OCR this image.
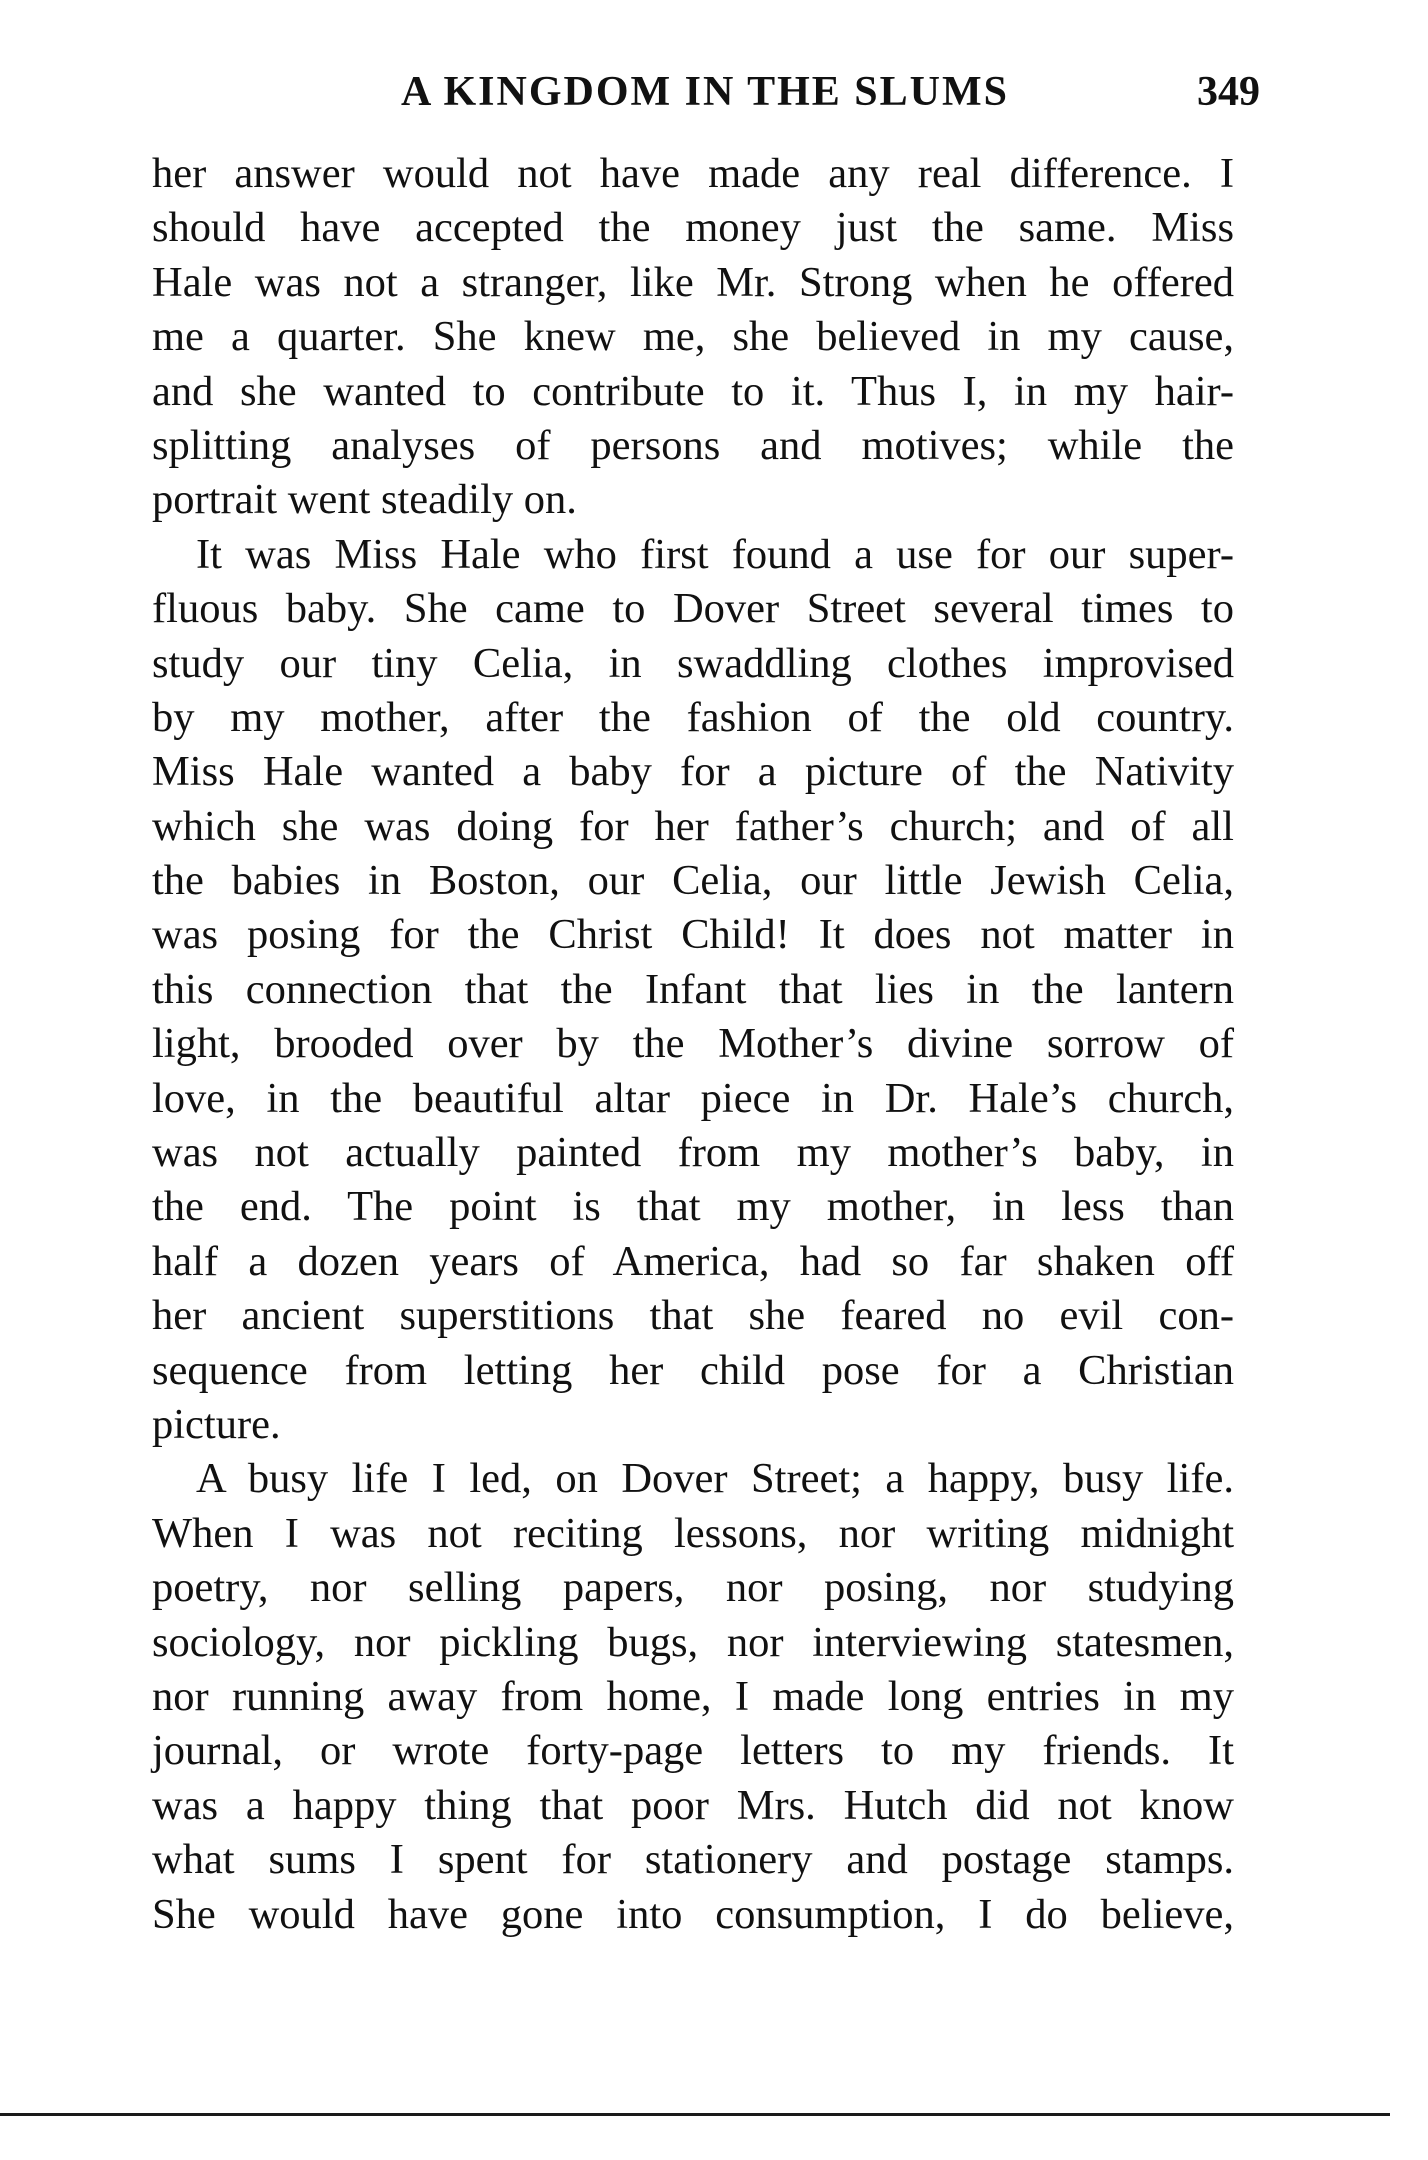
A KINGDOM IN THE SLUMS	349
her answer would not have made any real difference. I
should have accepted the money just the same. Miss
Hale was not a stranger, like Mr. Strong when he offered
me a quarter. She knew me, she believed in my cause,
and she wanted to contribute to it. Thus I, in my hair-
splitting analyses of persons and motives; while the
portrait went steadily on.
It was Miss Hale who first found a use for our super-
fluous baby. She came to Dover Street several times to
study our tiny Celia, in swaddling clothes improvised
by my mother, after the fashion of the old country.
Miss Hale wanted a baby for a picture of the Nativity
which she was doing for her father’s church; and of all
the babies in Boston, our Celia, our little Jewish Celia,
was posing for the Christ Child! It does not matter in
this connection that the Infant that lies in the lantern
light, brooded over by the Mother’s divine sorrow of
love, in the beautiful altar piece in Dr. Hale’s church,
was not actually painted from my mother’s baby, in
the end. The point is that my mother, in less than
half a dozen years of America, had so far shaken off
her ancient superstitions that she feared no evil con-
sequence from letting her child pose for a Christian
picture.
A busy life I led, on Dover Street; a happy, busy life.
When I was not reciting lessons, nor writing midnight
poetry, nor selling papers, nor posing, nor studying
sociology, nor pickling bugs, nor interviewing statesmen,
nor running away from home, I made long entries in my
journal, or wrote forty-page letters to my friends. It
was a happy thing that poor Mrs. Hutch did not know
what sums I spent for stationery and postage stamps.
She would have gone into consumption, I do believe,
